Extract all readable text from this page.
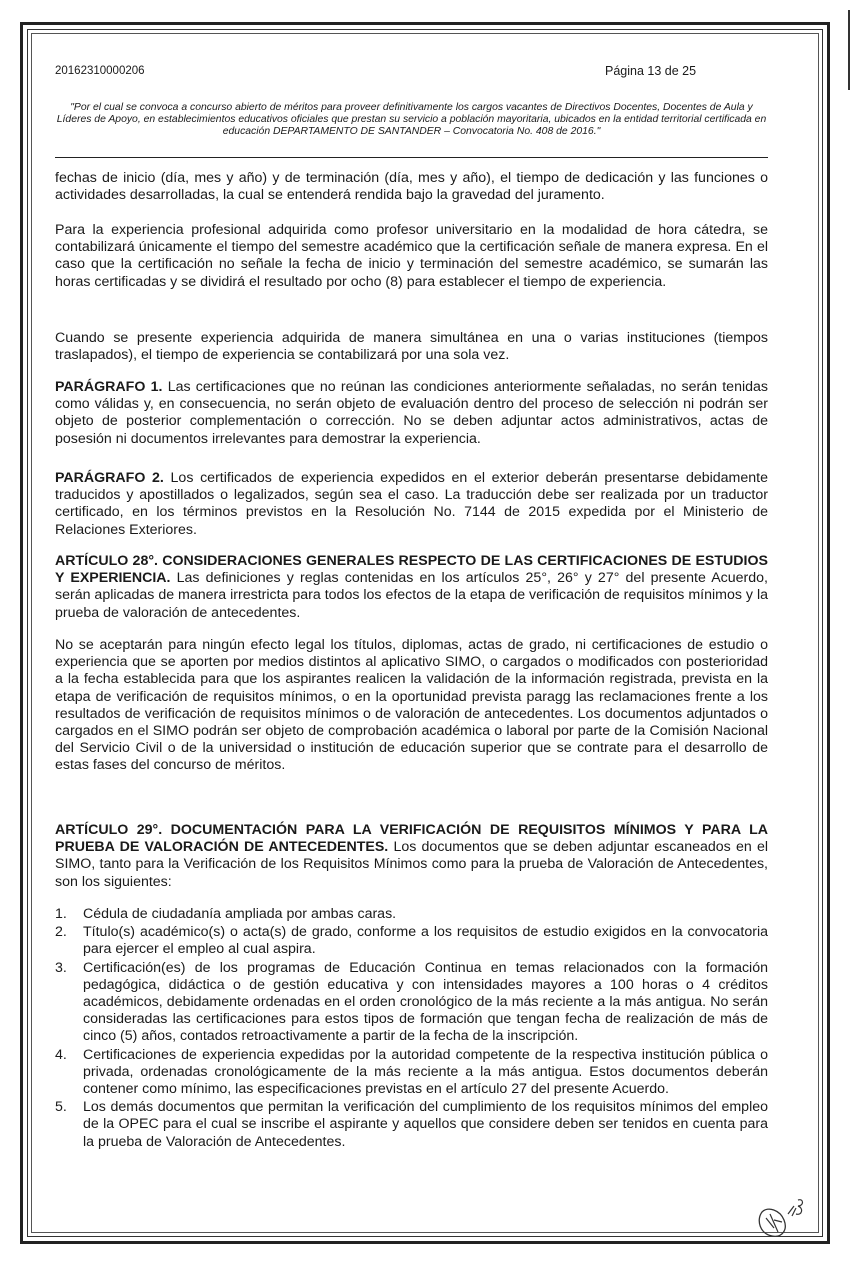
20162310000206	Página 13 de 25
"Por el cual se convoca a concurso abierto de méritos para proveer definitivamente los cargos vacantes de Directivos Docentes, Docentes de Aula y Líderes de Apoyo, en establecimientos educativos oficiales que prestan su servicio a población mayoritaria, ubicados en la entidad territorial certificada en educación DEPARTAMENTO DE SANTANDER – Convocatoria No. 408 de 2016."
fechas de inicio (día, mes y año) y de terminación (día, mes y año), el tiempo de dedicación y las funciones o actividades desarrolladas, la cual se entenderá rendida bajo la gravedad del juramento.
Para la experiencia profesional adquirida como profesor universitario en la modalidad de hora cátedra, se contabilizará únicamente el tiempo del semestre académico que la certificación señale de manera expresa. En el caso que la certificación no señale la fecha de inicio y terminación del semestre académico, se sumarán las horas certificadas y se dividirá el resultado por ocho (8) para establecer el tiempo de experiencia.
Cuando se presente experiencia adquirida de manera simultánea en una o varias instituciones (tiempos traslapados), el tiempo de experiencia se contabilizará por una sola vez.
PARÁGRAFO 1. Las certificaciones que no reúnan las condiciones anteriormente señaladas, no serán tenidas como válidas y, en consecuencia, no serán objeto de evaluación dentro del proceso de selección ni podrán ser objeto de posterior complementación o corrección. No se deben adjuntar actos administrativos, actas de posesión ni documentos irrelevantes para demostrar la experiencia.
PARÁGRAFO 2. Los certificados de experiencia expedidos en el exterior deberán presentarse debidamente traducidos y apostillados o legalizados, según sea el caso. La traducción debe ser realizada por un traductor certificado, en los términos previstos en la Resolución No. 7144 de 2015 expedida por el Ministerio de Relaciones Exteriores.
ARTÍCULO 28°. CONSIDERACIONES GENERALES RESPECTO DE LAS CERTIFICACIONES DE ESTUDIOS Y EXPERIENCIA. Las definiciones y reglas contenidas en los artículos 25°, 26° y 27° del presente Acuerdo, serán aplicadas de manera irrestricta para todos los efectos de la etapa de verificación de requisitos mínimos y la prueba de valoración de antecedentes.
No se aceptarán para ningún efecto legal los títulos, diplomas, actas de grado, ni certificaciones de estudio o experiencia que se aporten por medios distintos al aplicativo SIMO, o cargados o modificados con posterioridad a la fecha establecida para que los aspirantes realicen la validación de la información registrada, prevista en la etapa de verificación de requisitos mínimos, o en la oportunidad prevista paragg las reclamaciones frente a los resultados de verificación de requisitos mínimos o de valoración de antecedentes. Los documentos adjuntados o cargados en el SIMO podrán ser objeto de comprobación académica o laboral por parte de la Comisión Nacional del Servicio Civil o de la universidad o institución de educación superior que se contrate para el desarrollo de estas fases del concurso de méritos.
ARTÍCULO 29°. DOCUMENTACIÓN PARA LA VERIFICACIÓN DE REQUISITOS MÍNIMOS Y PARA LA PRUEBA DE VALORACIÓN DE ANTECEDENTES. Los documentos que se deben adjuntar escaneados en el SIMO, tanto para la Verificación de los Requisitos Mínimos como para la prueba de Valoración de Antecedentes, son los siguientes:
1. Cédula de ciudadanía ampliada por ambas caras.
2. Título(s) académico(s) o acta(s) de grado, conforme a los requisitos de estudio exigidos en la convocatoria para ejercer el empleo al cual aspira.
3. Certificación(es) de los programas de Educación Continua en temas relacionados con la formación pedagógica, didáctica o de gestión educativa y con intensidades mayores a 100 horas o 4 créditos académicos, debidamente ordenadas en el orden cronológico de la más reciente a la más antigua. No serán consideradas las certificaciones para estos tipos de formación que tengan fecha de realización de más de cinco (5) años, contados retroactivamente a partir de la fecha de la inscripción.
4. Certificaciones de experiencia expedidas por la autoridad competente de la respectiva institución pública o privada, ordenadas cronológicamente de la más reciente a la más antigua. Estos documentos deberán contener como mínimo, las especificaciones previstas en el artículo 27 del presente Acuerdo.
5. Los demás documentos que permitan la verificación del cumplimiento de los requisitos mínimos del empleo de la OPEC para el cual se inscribe el aspirante y aquellos que considere deben ser tenidos en cuenta para la prueba de Valoración de Antecedentes.
